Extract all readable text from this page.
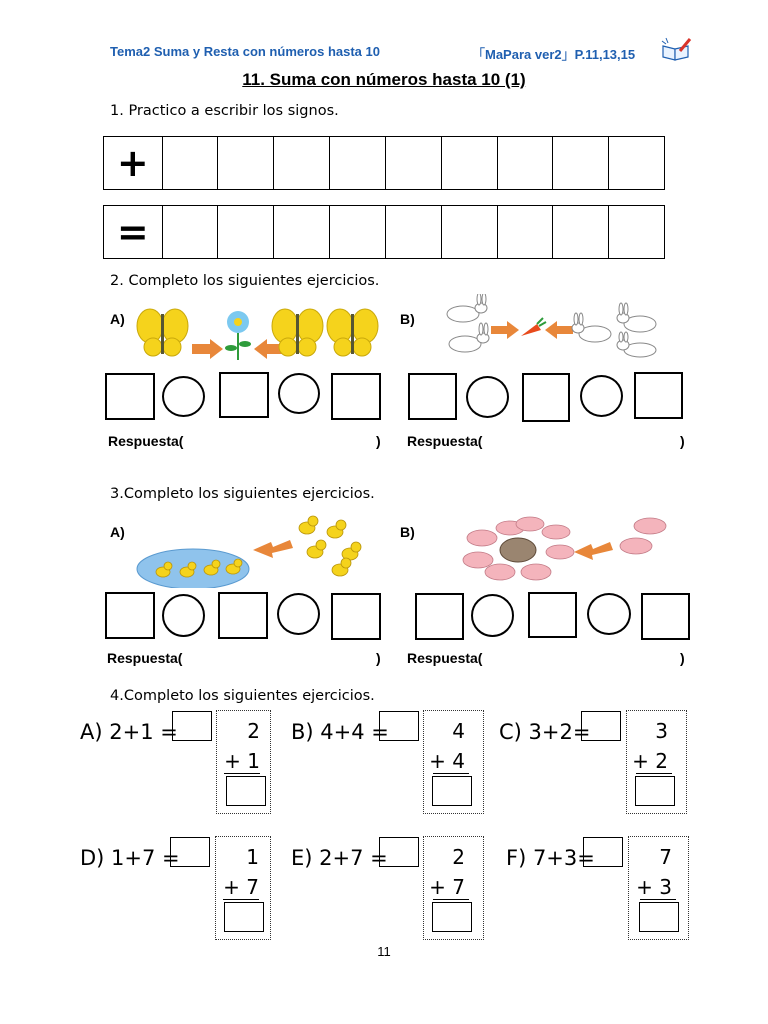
Tema2 Suma y Resta con números hasta 10	「MaPara ver2」P.11,13,15
11. Suma con números hasta 10 (1)
1. Practico a escribir los signos.
+
=
2. Completo los siguientes ejercicios.
A)	B)
Respuesta(	) Respuesta(	)
3.Completo los siguientes ejercicios.
A)	B)
Respuesta(	) Respuesta(	)
4.Completo los siguientes ejercicios.
A) 2+1 =	2
+ 1
B) 4+4 =	4
+ 4
C) 3+2=	3
+ 2
D) 1+7 =	1
+ 7
E) 2+7 =	2
+ 7
F) 7+3=	7
+ 3
11
